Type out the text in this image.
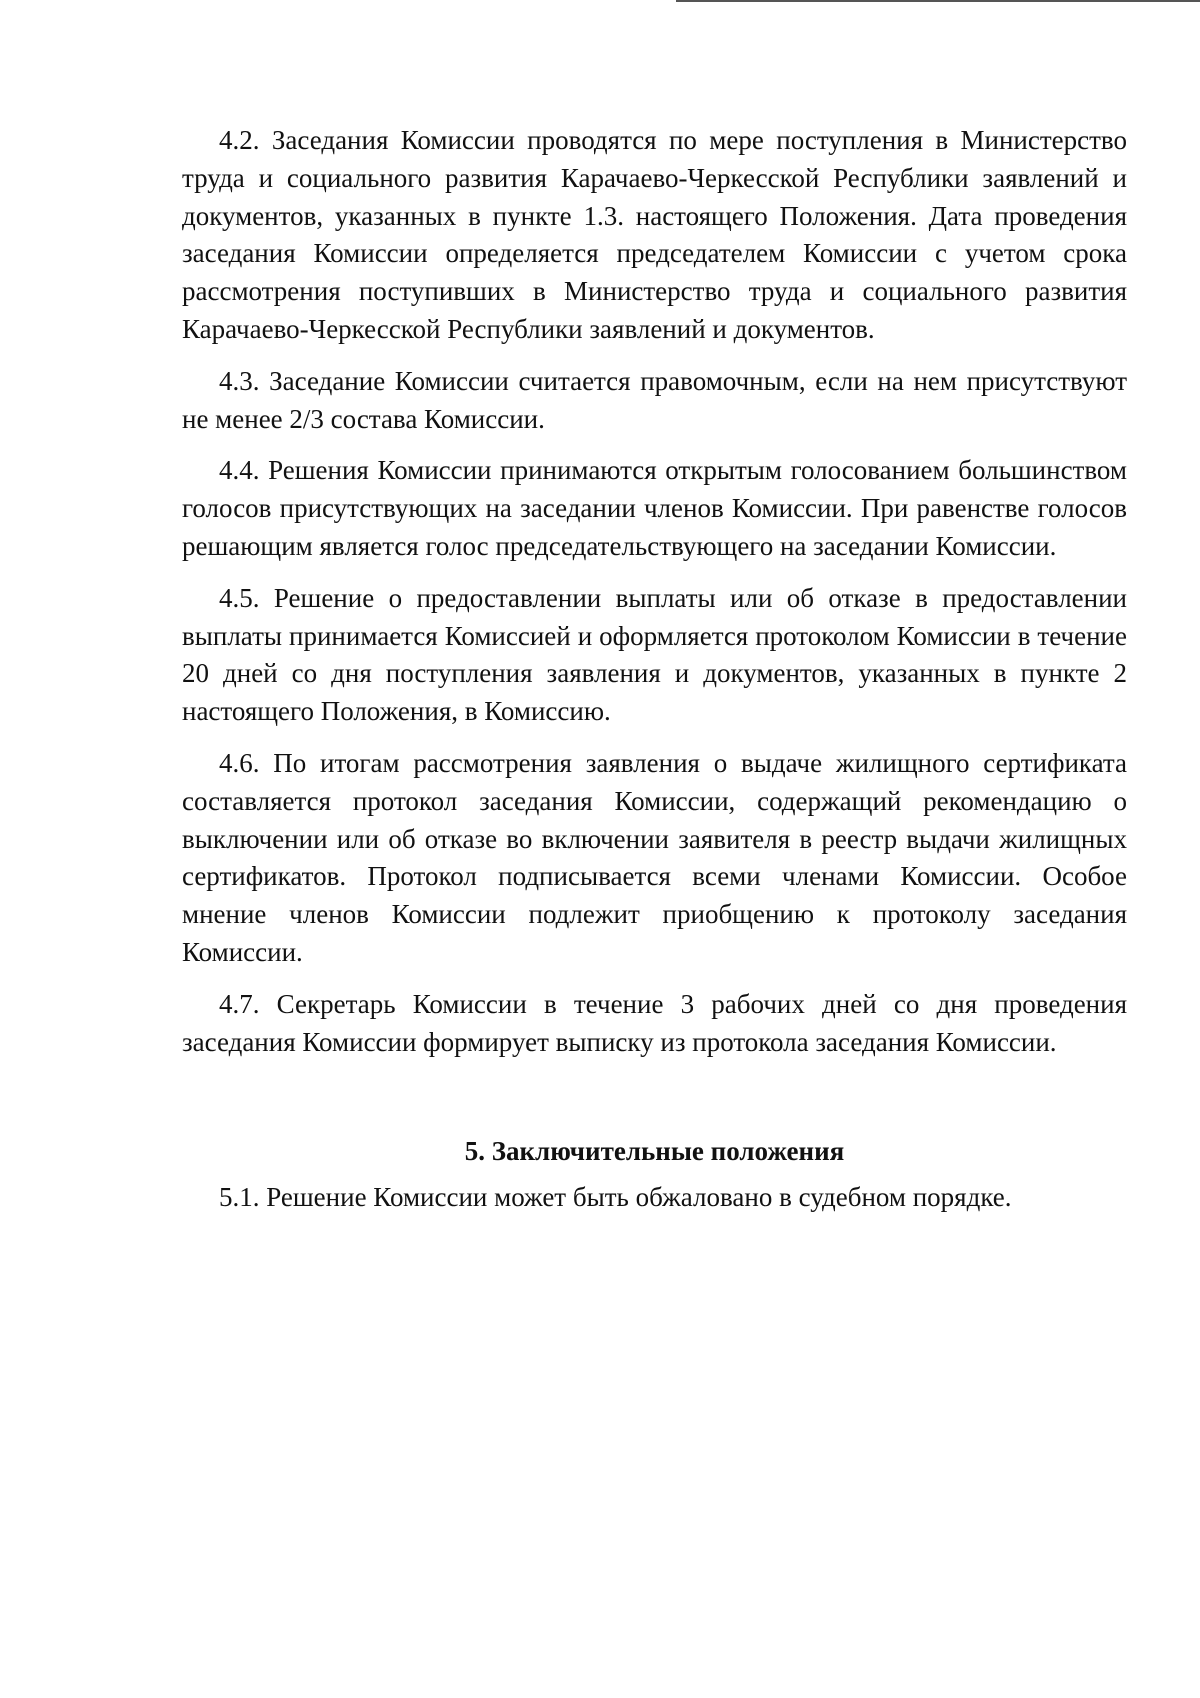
4.2. Заседания Комиссии проводятся по мере поступления в Министерство труда и социального развития Карачаево-Черкесской Республики заявлений и документов, указанных в пункте 1.3. настоящего Положения. Дата проведения заседания Комиссии определяется председателем Комиссии с учетом срока рассмотрения поступивших в Министерство труда и социального развития Карачаево-Черкесской Республики заявлений и документов.

4.3. Заседание Комиссии считается правомочным, если на нем присутствуют не менее 2/3 состава Комиссии.

4.4. Решения Комиссии принимаются открытым голосованием большинством голосов присутствующих на заседании членов Комиссии. При равенстве голосов решающим является голос председательствующего на заседании Комиссии.

4.5. Решение о предоставлении выплаты или об отказе в предоставлении выплаты принимается Комиссией и оформляется протоколом Комиссии в течение 20 дней со дня поступления заявления и документов, указанных в пункте 2 настоящего Положения, в Комиссию.

4.6. По итогам рассмотрения заявления о выдаче жилищного сертификата составляется протокол заседания Комиссии, содержащий рекомендацию о выключении или об отказе во включении заявителя в реестр выдачи жилищных сертификатов. Протокол подписывается всеми членами Комиссии. Особое мнение членов Комиссии подлежит приобщению к протоколу заседания Комиссии.

4.7. Секретарь Комиссии в течение 3 рабочих дней со дня проведения заседания Комиссии формирует выписку из протокола заседания Комиссии.

5. Заключительные положения

5.1. Решение Комиссии может быть обжаловано в судебном порядке.
